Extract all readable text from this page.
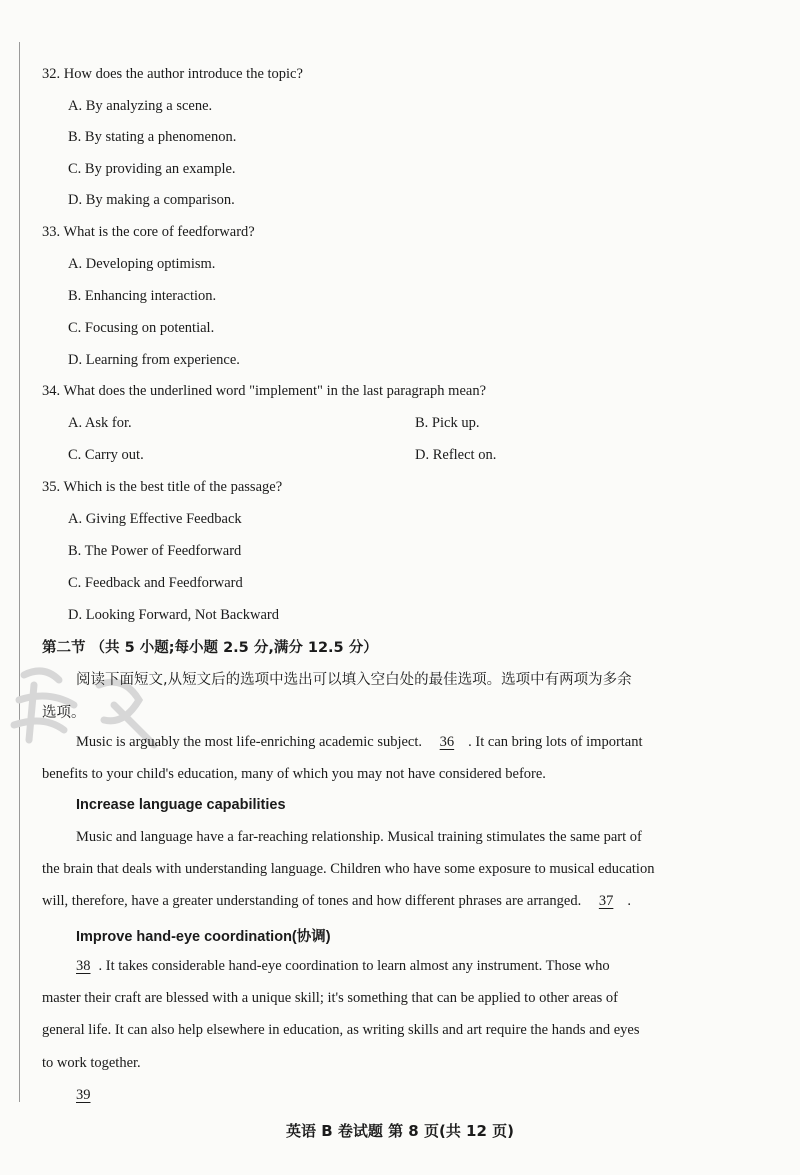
32. How does the author introduce the topic?
A. By analyzing a scene.
B. By stating a phenomenon.
C. By providing an example.
D. By making a comparison.
33. What is the core of feedforward?
A. Developing optimism.
B. Enhancing interaction.
C. Focusing on potential.
D. Learning from experience.
34. What does the underlined word "implement" in the last paragraph mean?
A. Ask for.	B. Pick up.
C. Carry out.	D. Reflect on.
35. Which is the best title of the passage?
A. Giving Effective Feedback
B. The Power of Feedforward
C. Feedback and Feedforward
D. Looking Forward, Not Backward
第二节 （共 5 小题;每小题 2.5 分,满分 12.5 分）
阅读下面短文,从短文后的选项中选出可以填入空白处的最佳选项。选项中有两项为多余
选项。
Music is arguably the most life-enriching academic subject. 36 . It can bring lots of important
benefits to your child's education, many of which you may not have considered before.
Increase language capabilities
Music and language have a far-reaching relationship. Musical training stimulates the same part of
the brain that deals with understanding language. Children who have some exposure to musical education
will, therefore, have a greater understanding of tones and how different phrases are arranged. 37 .
Improve hand-eye coordination(协调)
38 . It takes considerable hand-eye coordination to learn almost any instrument. Those who
master their craft are blessed with a unique skill; it's something that can be applied to other areas of
general life. It can also help elsewhere in education, as writing skills and art require the hands and eyes
to work together.
39
英语 B 卷试题 第 8 页(共 12 页)
